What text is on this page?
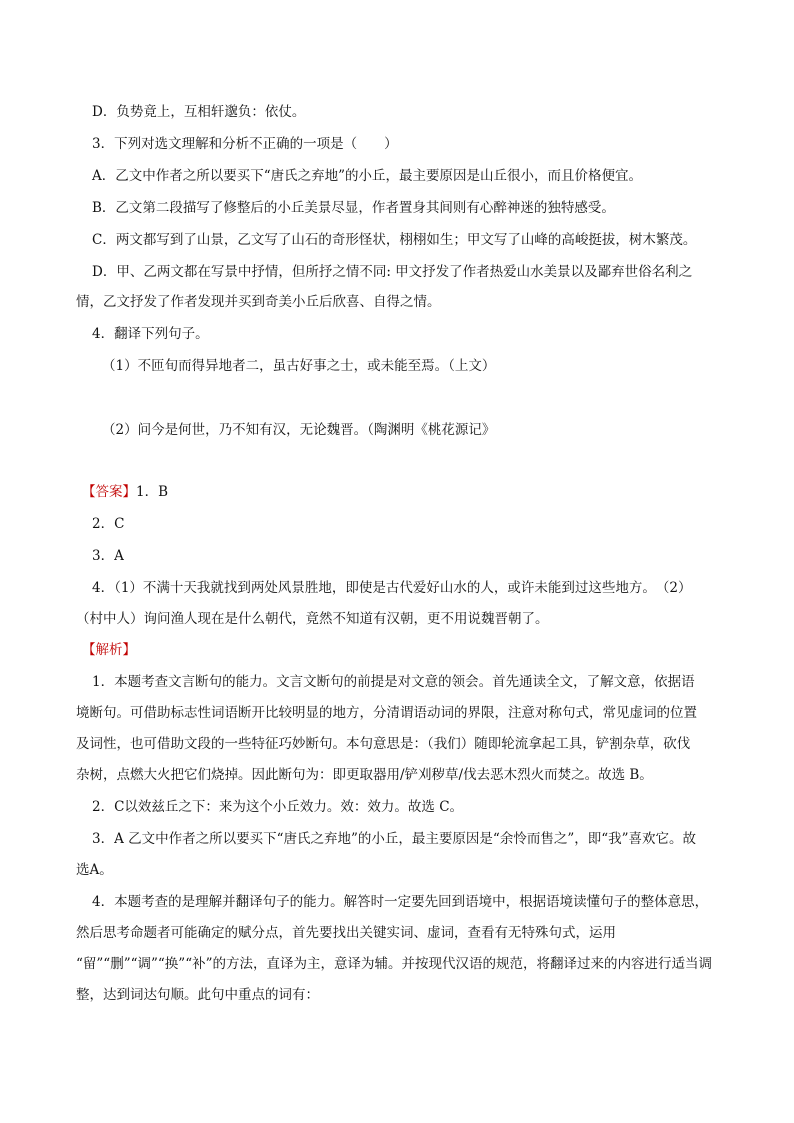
D．负势竟上，互相轩邈负：依仗。
3．下列对选文理解和分析不正确的一项是（　　）
A．乙文中作者之所以要买下“唐氏之弃地”的小丘，最主要原因是山丘很小，而且价格便宜。
B．乙文第二段描写了修整后的小丘美景尽显，作者置身其间则有心醉神迷的独特感受。
C．两文都写到了山景，乙文写了山石的奇形怪状，栩栩如生；甲文写了山峰的高峻挺拔，树木繁茂。
D．甲、乙两文都在写景中抒情，但所抒之情不同: 甲文抒发了作者热爱山水美景以及鄙弃世俗名利之
情，乙文抒发了作者发现并买到奇美小丘后欣喜、自得之情。
4．翻译下列句子。
（1）不匝旬而得异地者二，虽古好事之士，或未能至焉。（上文）
（2）问今是何世，乃不知有汉，无论魏晋。（陶渊明《桃花源记》
【答案】1．B
2．C
3．A
4．（1）不满十天我就找到两处风景胜地，即使是古代爱好山水的人，或许未能到过这些地方。　（2）
（村中人）询问渔人现在是什么朝代，竟然不知道有汉朝，更不用说魏晋朝了。
【解析】
1．本题考查文言断句的能力。文言文断句的前提是对文意的领会。首先通读全文，了解文意，依据语
境断句。可借助标志性词语断开比较明显的地方，分清谓语动词的界限，注意对称句式，常见虚词的位置
及词性，也可借助文段的一些特征巧妙断句。本句意思是：（我们）随即轮流拿起工具，铲割杂草，砍伐
杂树，点燃大火把它们烧掉。因此断句为：即更取器用/铲刈秽草/伐去恶木烈火而焚之。故选 B。
2．C以效兹丘之下：来为这个小丘效力。效：效力。故选 C。
3．A 乙文中作者之所以要买下“唐氏之弃地”的小丘，最主要原因是“余怜而售之”，即“我”喜欢它。故
选A。
4．本题考查的是理解并翻译句子的能力。解答时一定要先回到语境中，根据语境读懂句子的整体意思，
然后思考命题者可能确定的赋分点，首先要找出关键实词、虚词，查看有无特殊句式，运用
“留”“删”“调”“换”“补”的方法，直译为主，意译为辅。并按现代汉语的规范，将翻译过来的内容进行适当调
整，达到词达句顺。此句中重点的词有：
